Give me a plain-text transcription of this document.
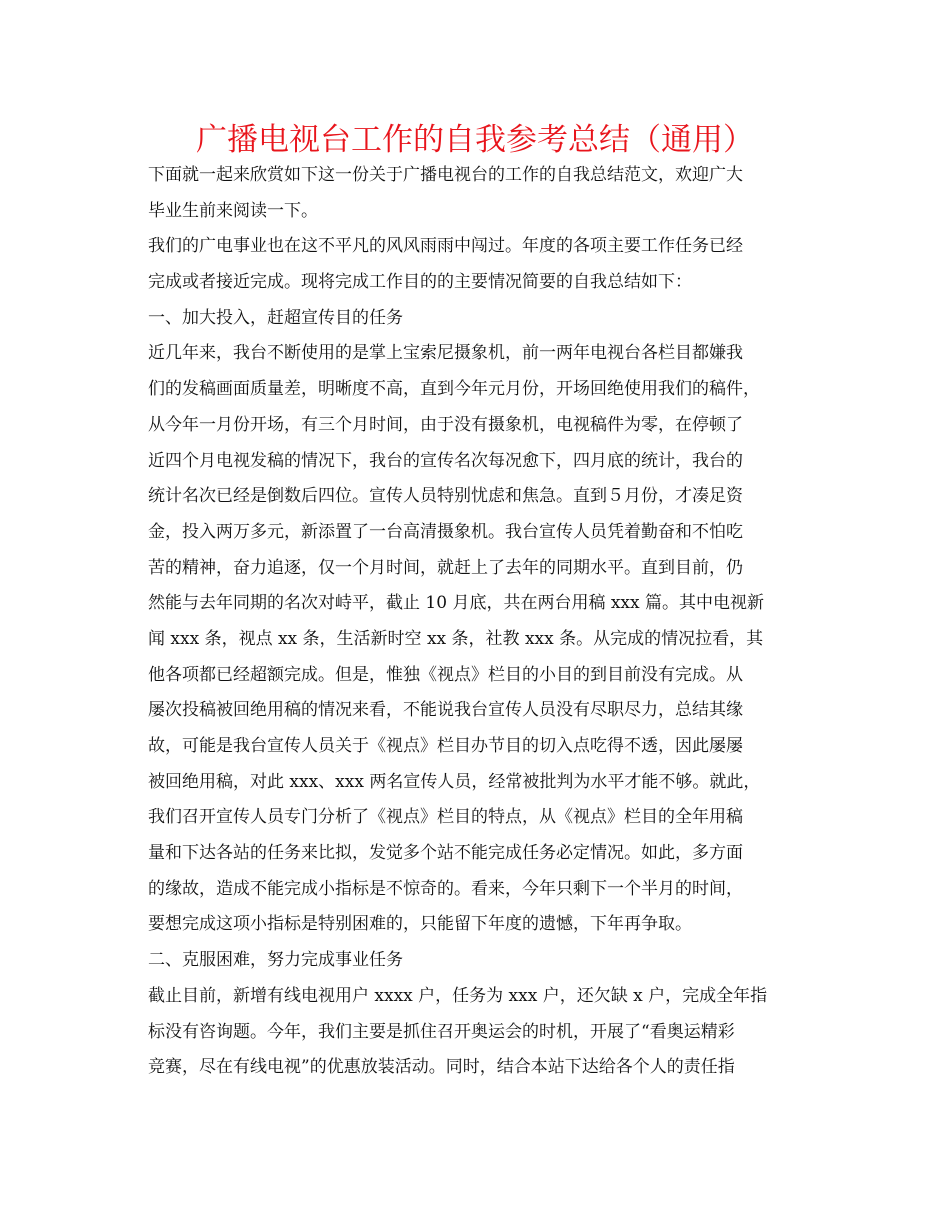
广播电视台工作的自我参考总结（通用）
下面就一起来欣赏如下这一份关于广播电视台的工作的自我总结范文，欢迎广大
毕业生前来阅读一下。
我们的广电事业也在这不平凡的风风雨雨中闯过。年度的各项主要工作任务已经
完成或者接近完成。现将完成工作目的的主要情况简要的自我总结如下：
一、加大投入，赶超宣传目的任务
近几年来，我台不断使用的是掌上宝索尼摄象机，前一两年电视台各栏目都嫌我
们的发稿画面质量差，明晰度不高，直到今年元月份，开场回绝使用我们的稿件，
从今年一月份开场，有三个月时间，由于没有摄象机，电视稿件为零，在停顿了
近四个月电视发稿的情况下，我台的宣传名次每况愈下，四月底的统计，我台的
统计名次已经是倒数后四位。宣传人员特别忧虑和焦急。直到５月份，才凑足资
金，投入两万多元，新添置了一台高清摄象机。我台宣传人员凭着勤奋和不怕吃
苦的精神，奋力追逐，仅一个月时间，就赶上了去年的同期水平。直到目前，仍
然能与去年同期的名次对峙平，截止 10 月底，共在两台用稿 xxx 篇。其中电视新
闻 xxx 条，视点 xx 条，生活新时空 xx 条，社教 xxx 条。从完成的情况拉看，其
他各项都已经超额完成。但是，惟独《视点》栏目的小目的到目前没有完成。从
屡次投稿被回绝用稿的情况来看，不能说我台宣传人员没有尽职尽力，总结其缘
故，可能是我台宣传人员关于《视点》栏目办节目的切入点吃得不透，因此屡屡
被回绝用稿，对此 xxx、xxx 两名宣传人员，经常被批判为水平才能不够。就此，
我们召开宣传人员专门分析了《视点》栏目的特点，从《视点》栏目的全年用稿
量和下达各站的任务来比拟，发觉多个站不能完成任务必定情况。如此，多方面
的缘故，造成不能完成小指标是不惊奇的。看来，今年只剩下一个半月的时间，
要想完成这项小指标是特别困难的，只能留下年度的遗憾，下年再争取。
二、克服困难，努力完成事业任务
截止目前，新增有线电视用户 xxxx 户，任务为 xxx 户，还欠缺 x 户，完成全年指
标没有咨询题。今年，我们主要是抓住召开奥运会的时机，开展了“看奥运精彩
竞赛，尽在有线电视”的优惠放装活动。同时，结合本站下达给各个人的责任指
